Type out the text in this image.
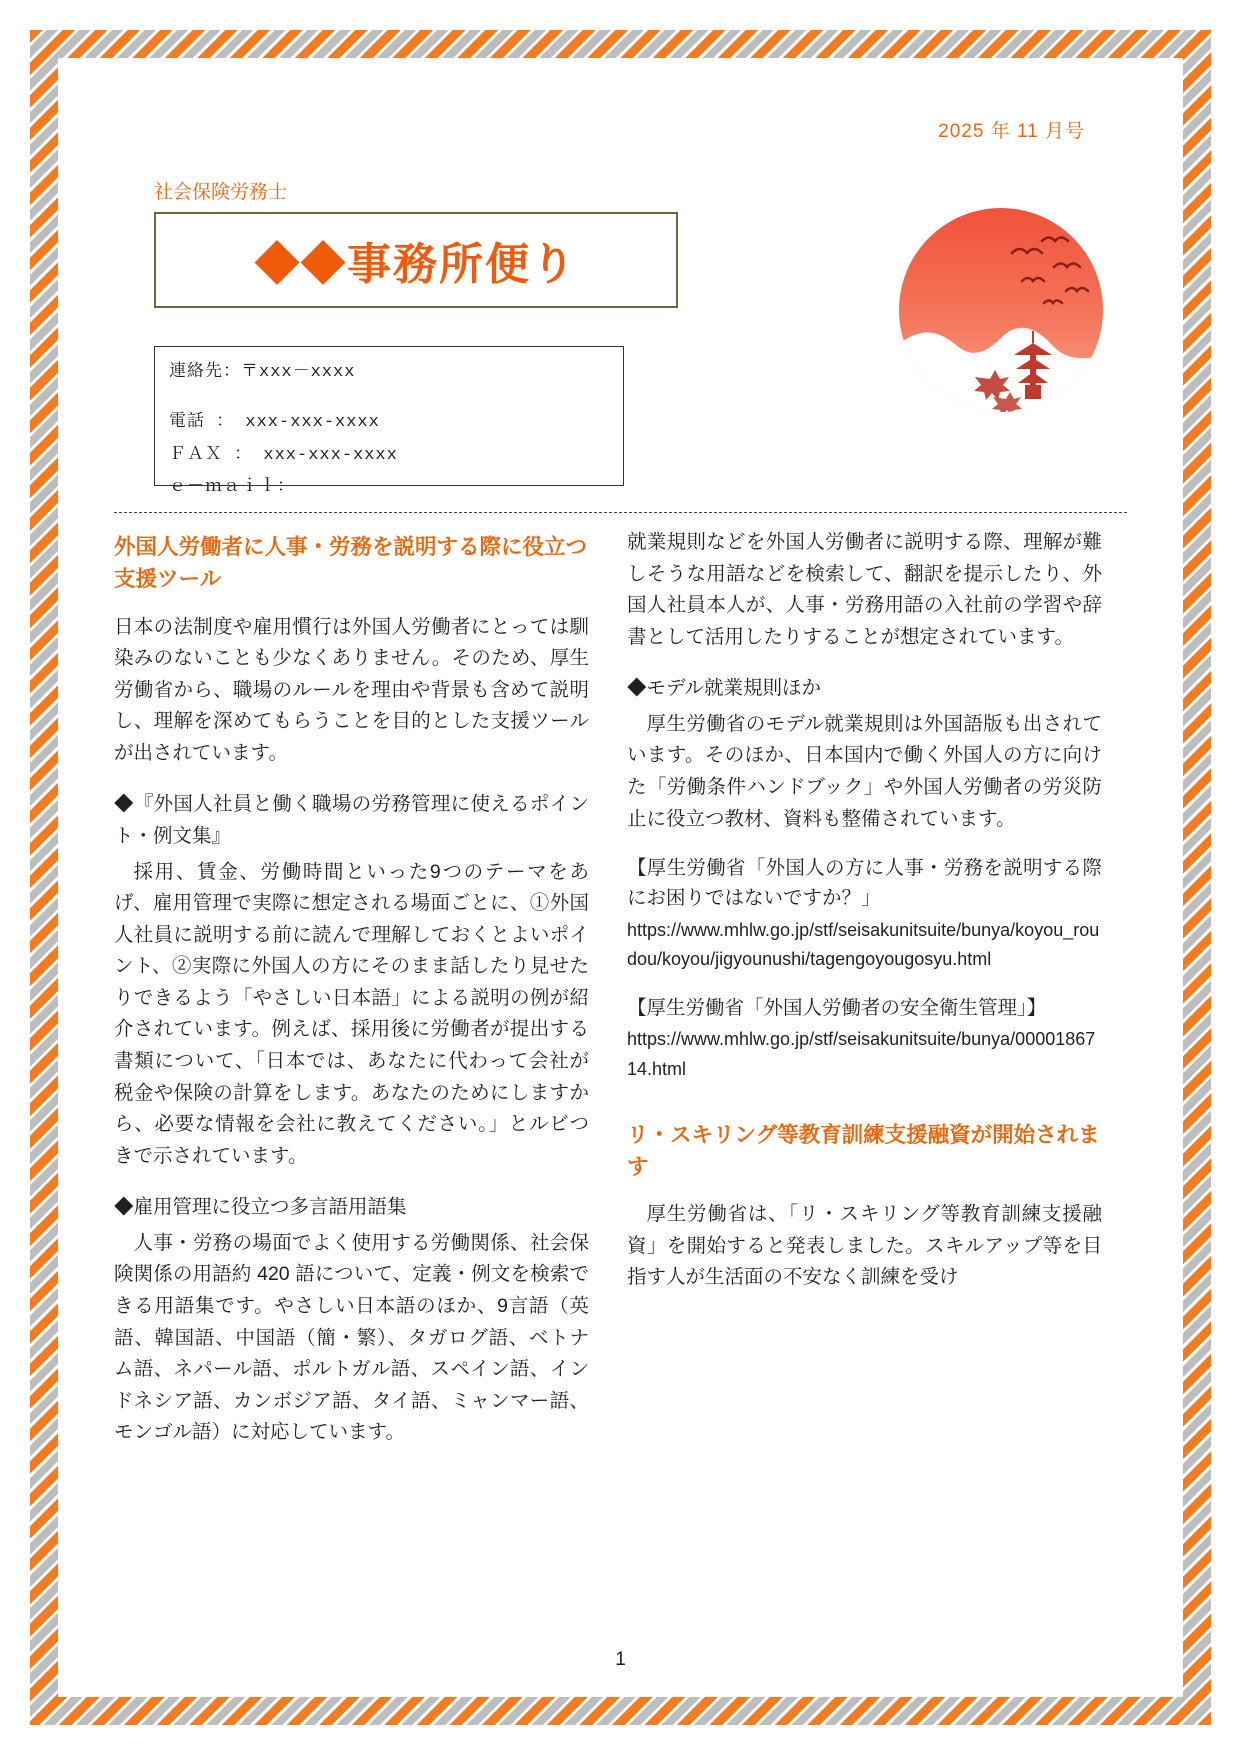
2025 年 11 月号
社会保険労務士
◆◆事務所便り
連絡先：〒xxx－xxxx
電話 ： xxx-xxx-xxxx
ＦＡＸ ： xxx-xxx-xxxx
ｅ－ｍａｉｌ：
外国人労働者に人事・労務を説明する際に役立つ支援ツール

日本の法制度や雇用慣行は外国人労働者にとっては馴染みのないことも少なくありません。そのため、厚生労働省から、職場のルールを理由や背景も含めて説明し、理解を深めてもらうことを目的とした支援ツールが出されています。

◆『外国人社員と働く職場の労務管理に使えるポイント・例文集』

採用、賃金、労働時間といった9つのテーマをあげ、雇用管理で実際に想定される場面ごとに、①外国人社員に説明する前に読んで理解しておくとよいポイント、②実際に外国人の方にそのまま話したり見せたりできるよう「やさしい日本語」による説明の例が紹介されています。例えば、採用後に労働者が提出する書類について、「日本では、あなたに代わって会社が税金や保険の計算をします。あなたのためにしますから、必要な情報を会社に教えてください。」とルビつきで示されています。

◆雇用管理に役立つ多言語用語集

人事・労務の場面でよく使用する労働関係、社会保険関係の用語約 420 語について、定義・例文を検索できる用語集です。やさしい日本語のほか、9言語（英語、韓国語、中国語（簡・繁）、タガログ語、ベトナム語、ネパール語、ポルトガル語、スペイン語、インドネシア語、カンボジア語、タイ語、ミャンマー語、モンゴル語）に対応しています。

就業規則などを外国人労働者に説明する際、理解が難しそうな用語などを検索して、翻訳を提示したり、外国人社員本人が、人事・労務用語の入社前の学習や辞書として活用したりすることが想定されています。

◆モデル就業規則ほか

厚生労働省のモデル就業規則は外国語版も出されています。そのほか、日本国内で働く外国人の方に向けた「労働条件ハンドブック」や外国人労働者の労災防止に役立つ教材、資料も整備されています。

【厚生労働省「外国人の方に人事・労務を説明する際にお困りではないですか？」

https://www.mhlw.go.jp/stf/seisakunitsuite/bunya/koyou_roudou/koyou/jigyounushi/tagengoyougosyu.html

【厚生労働省「外国人労働者の安全衛生管理」】

https://www.mhlw.go.jp/stf/seisakunitsuite/bunya/0000186714.html

リ・スキリング等教育訓練支援融資が開始されます

厚生労働省は、「リ・スキリング等教育訓練支援融資」を開始すると発表しました。スキルアップ等を目指す人が生活面の不安なく訓練を受け

1
